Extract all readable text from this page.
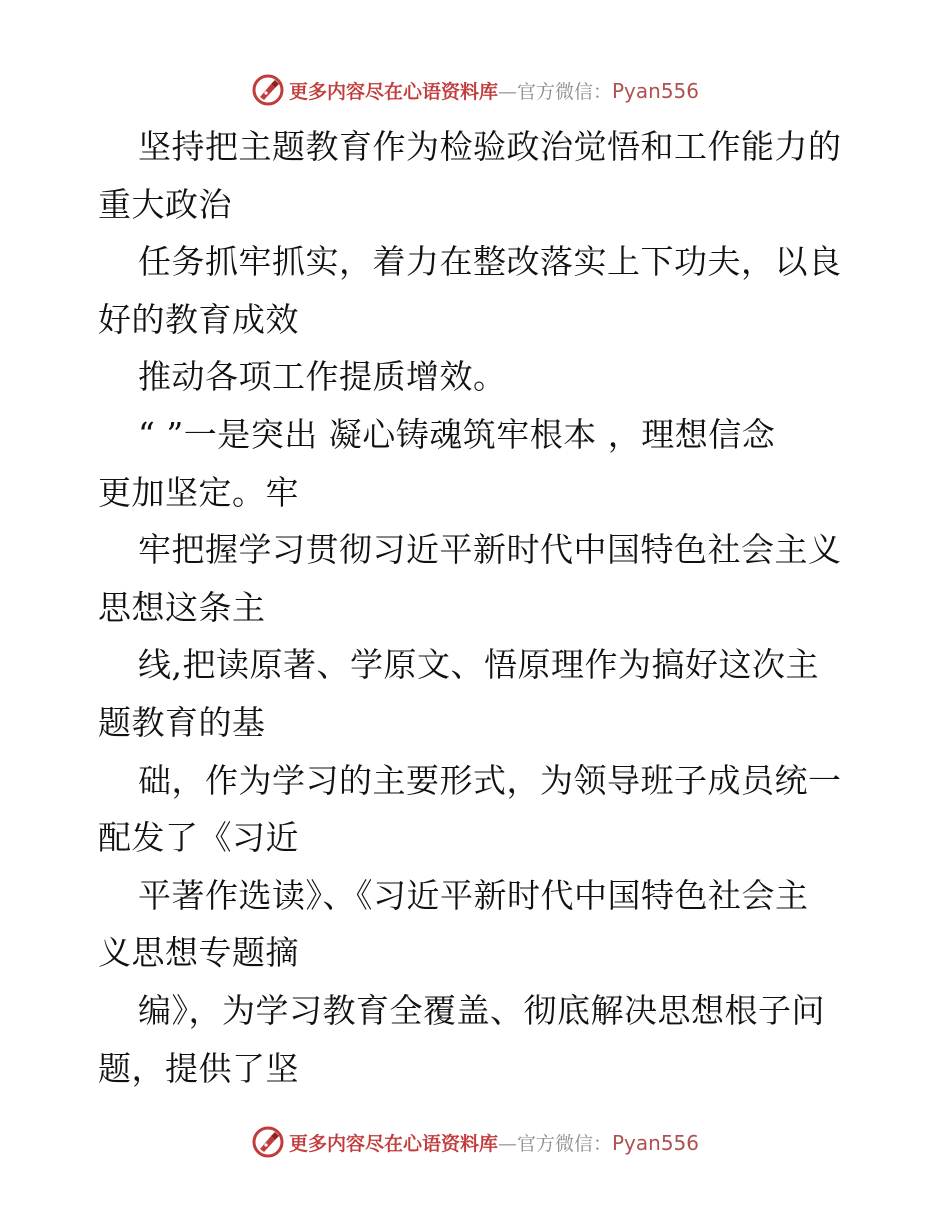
更多内容尽在心语资料库—官方微信：Pyan556
坚持把主题教育作为检验政治觉悟和工作能力的
重大政治
任务抓牢抓实，着力在整改落实上下功夫，以良
好的教育成效
推动各项工作提质增效。
“ ”一是突出 凝心铸魂筑牢根本 ，理想信念
更加坚定。牢
牢把握学习贯彻习近平新时代中国特色社会主义
思想这条主
线,把读原著、学原文、悟原理作为搞好这次主
题教育的基
础，作为学习的主要形式，为领导班子成员统一
配发了《习近
平著作选读》、《习近平新时代中国特色社会主
义思想专题摘
编》，为学习教育全覆盖、彻底解决思想根子问
题，提供了坚
更多内容尽在心语资料库—官方微信：Pyan556
